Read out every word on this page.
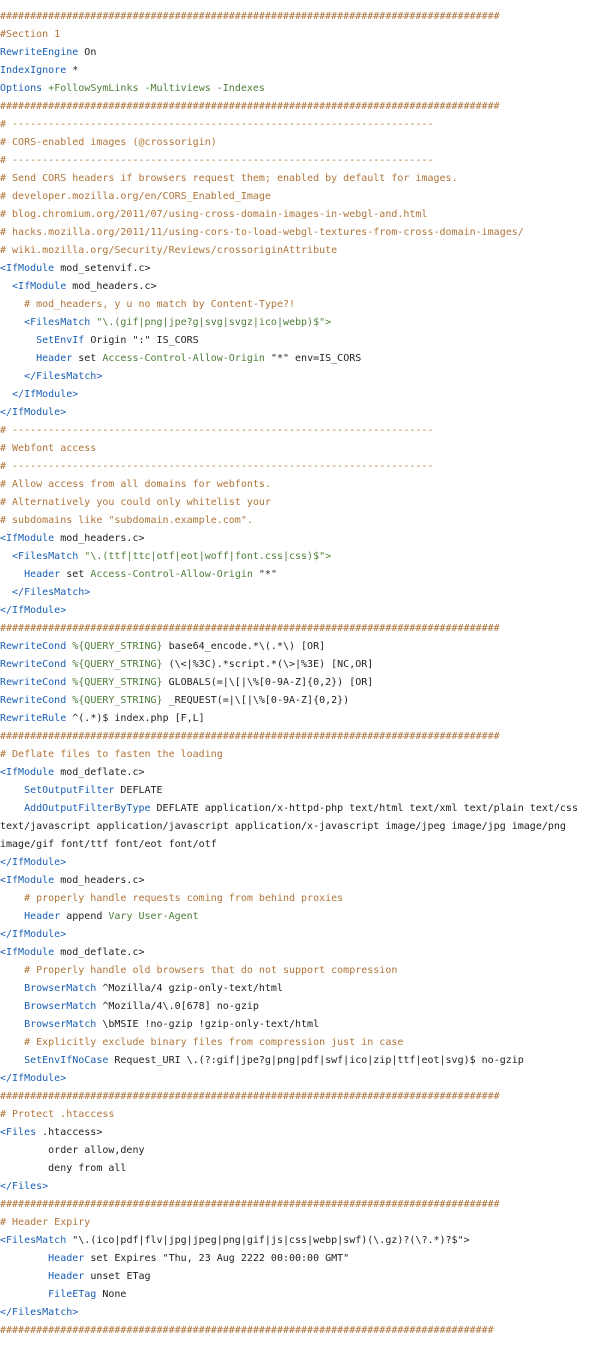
###################################################################################
#Section 1
RewriteEngine On
IndexIgnore *
Options +FollowSymLinks -Multiviews -Indexes
###################################################################################
# ----------------------------------------------------------------------
# CORS-enabled images (@crossorigin)
# ----------------------------------------------------------------------
# Send CORS headers if browsers request them; enabled by default for images.
# developer.mozilla.org/en/CORS_Enabled_Image
# blog.chromium.org/2011/07/using-cross-domain-images-in-webgl-and.html
# hacks.mozilla.org/2011/11/using-cors-to-load-webgl-textures-from-cross-domain-images/
# wiki.mozilla.org/Security/Reviews/crossoriginAttribute
<IfModule mod_setenvif.c>
<IfModule mod_headers.c>
# mod_headers, y u no match by Content-Type?!
<FilesMatch "\.(gif|png|jpe?g|svg|svgz|ico|webp)$">
SetEnvIf Origin ":" IS_CORS
Header set Access-Control-Allow-Origin "*" env=IS_CORS
</FilesMatch>
</IfModule>
</IfModule>
# ----------------------------------------------------------------------
# Webfont access
# ----------------------------------------------------------------------
# Allow access from all domains for webfonts.
# Alternatively you could only whitelist your
# subdomains like "subdomain.example.com".
<IfModule mod_headers.c>
<FilesMatch "\.(ttf|ttc|otf|eot|woff|font.css|css)$">
Header set Access-Control-Allow-Origin "*"
</FilesMatch>
</IfModule>
###################################################################################
RewriteCond %{QUERY_STRING} base64_encode.*\(.*\) [OR]
RewriteCond %{QUERY_STRING} (\<|%3C).*script.*(\>|%3E) [NC,OR]
RewriteCond %{QUERY_STRING} GLOBALS(=|\[|\%[0-9A-Z]{0,2}) [OR]
RewriteCond %{QUERY_STRING} _REQUEST(=|\[|\%[0-9A-Z]{0,2})
RewriteRule ^(.*)$ index.php [F,L]
###################################################################################
# Deflate files to fasten the loading
<IfModule mod_deflate.c>
SetOutputFilter DEFLATE
AddOutputFilterByType DEFLATE application/x-httpd-php text/html text/xml text/plain text/css
text/javascript application/javascript application/x-javascript image/jpeg image/jpg image/png
image/gif font/ttf font/eot font/otf
</IfModule>
<IfModule mod_headers.c>
# properly handle requests coming from behind proxies
Header append Vary User-Agent
</IfModule>
<IfModule mod_deflate.c>
# Properly handle old browsers that do not support compression
BrowserMatch ^Mozilla/4 gzip-only-text/html
BrowserMatch ^Mozilla/4\.0[678] no-gzip
BrowserMatch \bMSIE !no-gzip !gzip-only-text/html
# Explicitly exclude binary files from compression just in case
SetEnvIfNoCase Request_URI \.(?:gif|jpe?g|png|pdf|swf|ico|zip|ttf|eot|svg)$ no-gzip
</IfModule>
###################################################################################
# Protect .htaccess
<Files .htaccess>
order allow,deny
deny from all
</Files>
###################################################################################
# Header Expiry
<FilesMatch "\.(ico|pdf|flv|jpg|jpeg|png|gif|js|css|webp|swf)(\.gz)?(\?.*)?$">
Header set Expires "Thu, 23 Aug 2222 00:00:00 GMT"
Header unset ETag
FileETag None
</FilesMatch>
##################################################################################
